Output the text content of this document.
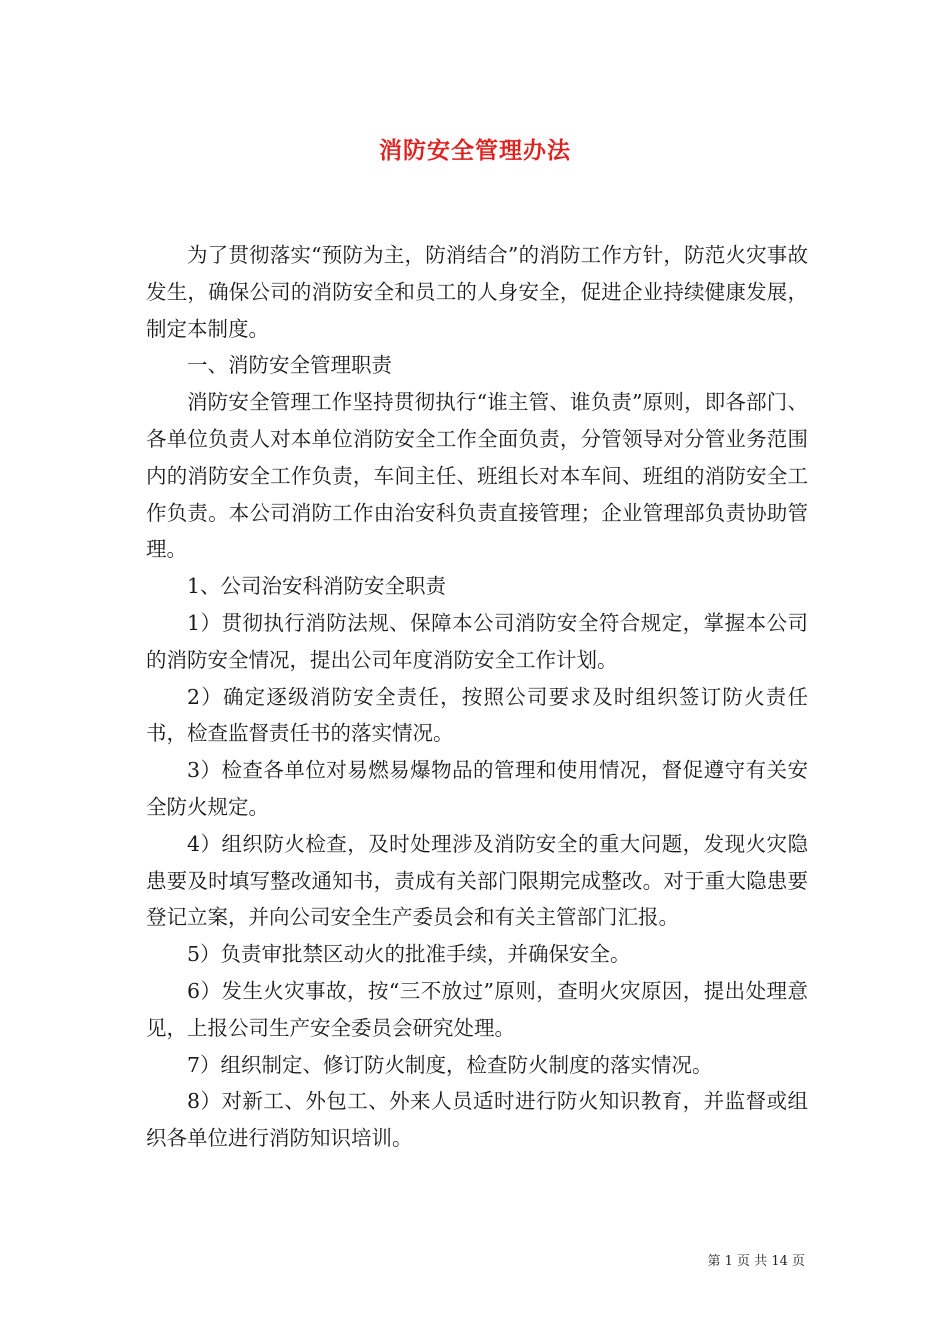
消防安全管理办法

为了贯彻落实“预防为主，防消结合”的消防工作方针，防范火灾事故发生，确保公司的消防安全和员工的人身安全，促进企业持续健康发展，制定本制度。

一、消防安全管理职责

消防安全管理工作坚持贯彻执行“谁主管、谁负责”原则，即各部门、各单位负责人对本单位消防安全工作全面负责，分管领导对分管业务范围内的消防安全工作负责，车间主任、班组长对本车间、班组的消防安全工作负责。本公司消防工作由治安科负责直接管理；企业管理部负责协助管理。

1、公司治安科消防安全职责

1）贯彻执行消防法规、保障本公司消防安全符合规定，掌握本公司的消防安全情况，提出公司年度消防安全工作计划。

2）确定逐级消防安全责任，按照公司要求及时组织签订防火责任书，检查监督责任书的落实情况。

3）检查各单位对易燃易爆物品的管理和使用情况，督促遵守有关安全防火规定。

4）组织防火检查，及时处理涉及消防安全的重大问题，发现火灾隐患要及时填写整改通知书，责成有关部门限期完成整改。对于重大隐患要登记立案，并向公司安全生产委员会和有关主管部门汇报。

5）负责审批禁区动火的批准手续，并确保安全。

6）发生火灾事故，按“三不放过”原则，查明火灾原因，提出处理意见，上报公司生产安全委员会研究处理。

7）组织制定、修订防火制度，检查防火制度的落实情况。

8）对新工、外包工、外来人员适时进行防火知识教育，并监督或组织各单位进行消防知识培训。

第 1 页 共 14 页
